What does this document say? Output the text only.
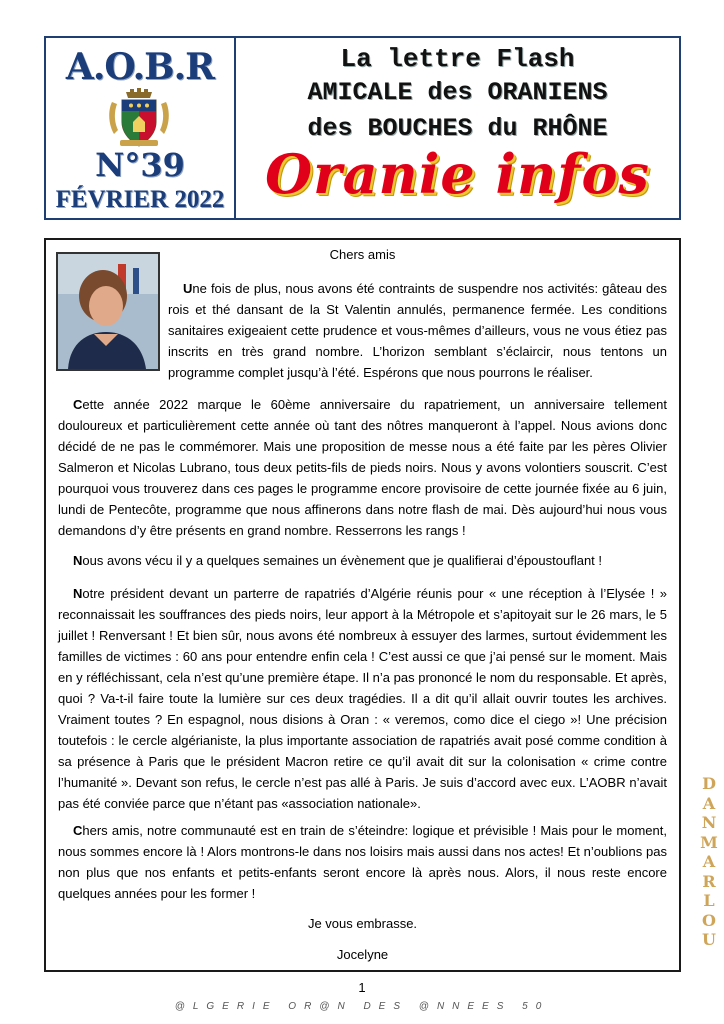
A.O.B.R
N°39
FÉVRIER 2022
La lettre Flash
AMICALE des ORANIENS
des BOUCHES du RHÔNE
Oranie infos
Chers amis
Une fois de plus, nous avons été contraints de suspendre nos activités: gâteau des rois et thé dansant de la St Valentin annulés, permanence fermée. Les conditions sanitaires exigeaient cette prudence et vous-mêmes d’ailleurs, vous ne vous étiez pas inscrits en très grand nombre. L’horizon semblant s’éclaircir, nous tentons un programme complet jusqu’à l’été. Espérons que nous pourrons le réaliser.
Cette année 2022 marque le 60ème anniversaire du rapatriement, un anniversaire tellement douloureux et particulièrement cette année où tant des nôtres manqueront à l’appel. Nous avions donc décidé de ne pas le commémorer. Mais une proposition de messe nous a été faite par les pères Olivier Salmeron et Nicolas Lubrano, tous deux petits-fils de pieds noirs. Nous y avons volontiers souscrit. C’est pourquoi vous trouverez dans ces pages le programme encore provisoire de cette journée fixée au 6 juin, lundi de Pentecôte, programme que nous affinerons dans notre flash de mai. Dès aujourd’hui nous vous demandons d’y être présents en grand nombre. Resserrons les rangs !
Nous avons vécu il y a quelques semaines un évènement que je qualifierai d’époustouflant !
Notre président devant un parterre de rapatriés d’Algérie réunis pour « une réception à l’Elysée ! » reconnaissait les souffrances des pieds noirs, leur apport à la Métropole et s’apitoyait sur le 26 mars, le 5 juillet ! Renversant ! Et bien sûr, nous avons été nombreux à essuyer des larmes, surtout évidemment les familles de victimes : 60 ans pour entendre enfin cela ! C’est aussi ce que j’ai pensé sur le moment. Mais en y réfléchissant, cela n’est qu’une première étape. Il n’a pas prononcé le nom du responsable. Et après, quoi ? Va-t-il faire toute la lumière sur ces deux tragédies. Il a dit qu’il allait ouvrir toutes les archives. Vraiment toutes ? En espagnol, nous disions à Oran : « veremos, como dice el ciego »! Une précision toutefois : le cercle algérianiste, la plus importante association de rapatriés avait posé comme condition à sa présence à Paris que le président Macron retire ce qu’il avait dit sur la colonisation « crime contre l’humanité ». Devant son refus, le cercle n’est pas allé à Paris. Je suis d’accord avec eux. L’AOBR n’avait pas été conviée parce que n’étant pas «association nationale».
Chers amis, notre communauté est en train de s’éteindre: logique et prévisible ! Mais pour le moment, nous sommes encore là ! Alors montrons-le dans nos loisirs mais aussi dans nos actes! Et n’oublions pas non plus que nos enfants et petits-enfants seront encore là après nous. Alors, il nous reste encore quelques années pour les former !
Je vous embrasse.
Jocelyne
D
A
N
M
A
R
L
O
U
1
@LGERIE OR@N DES @NNEES 50
